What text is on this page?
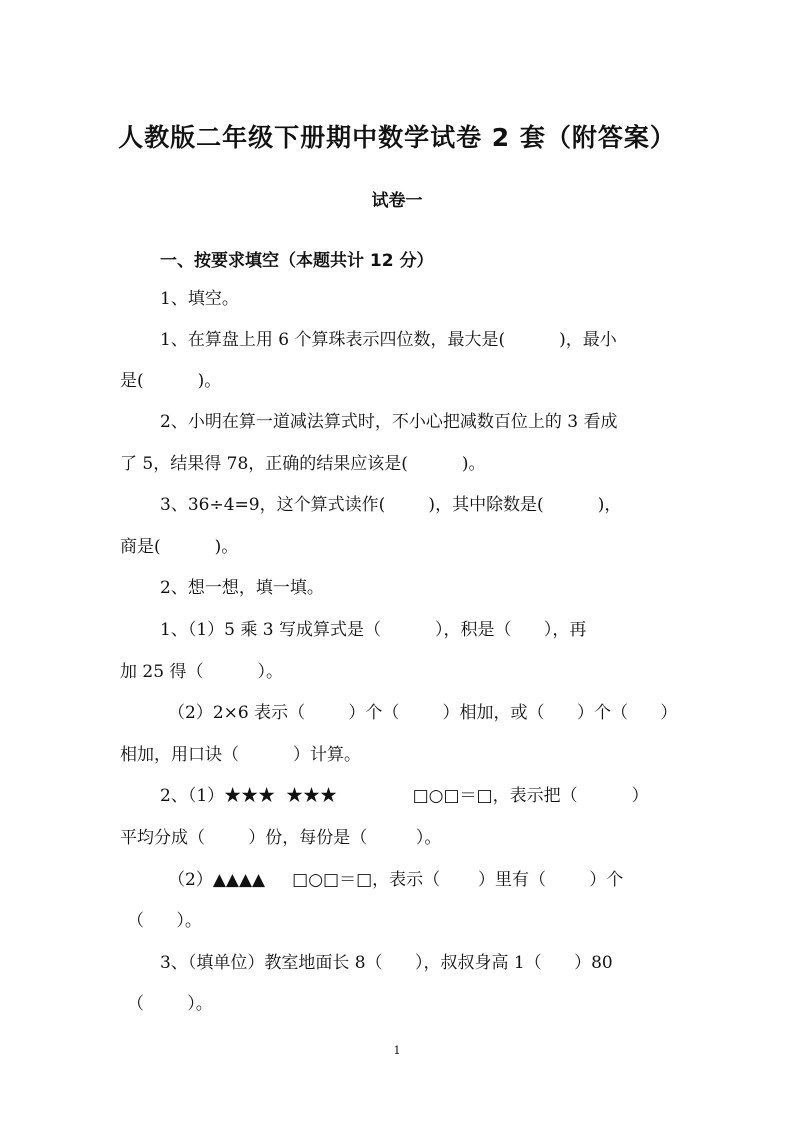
人教版二年级下册期中数学试卷 2 套（附答案）
试卷一
一、按要求填空（本题共计 12 分）
1、填空。
1、在算盘上用 6 个算珠表示四位数，最大是(          )，最小
是(          )。
2、小明在算一道减法算式时，不小心把减数百位上的 3 看成
了 5，结果得 78，正确的结果应该是(          )。
3、36÷4=9，这个算式读作(        )，其中除数是(          )，
商是(          )。
2、想一想，填一填。
1、（1）5 乘 3 写成算式是（          ），积是（      ），再
加 25 得（          ）。
（2）2×6 表示（        ）个（        ）相加，或（      ）个（      ）
相加，用口诀（          ）计算。
2、（1）★★★  ★★★              □○□＝□，表示把（          ）
平均分成（        ）份，每份是（         ）。
（2）▲▲▲▲     □○□＝□，表示（       ）里有（        ）个
（      ）。
3、（填单位）教室地面长 8（      ），叔叔身高 1（      ）80
（        ）。
1
